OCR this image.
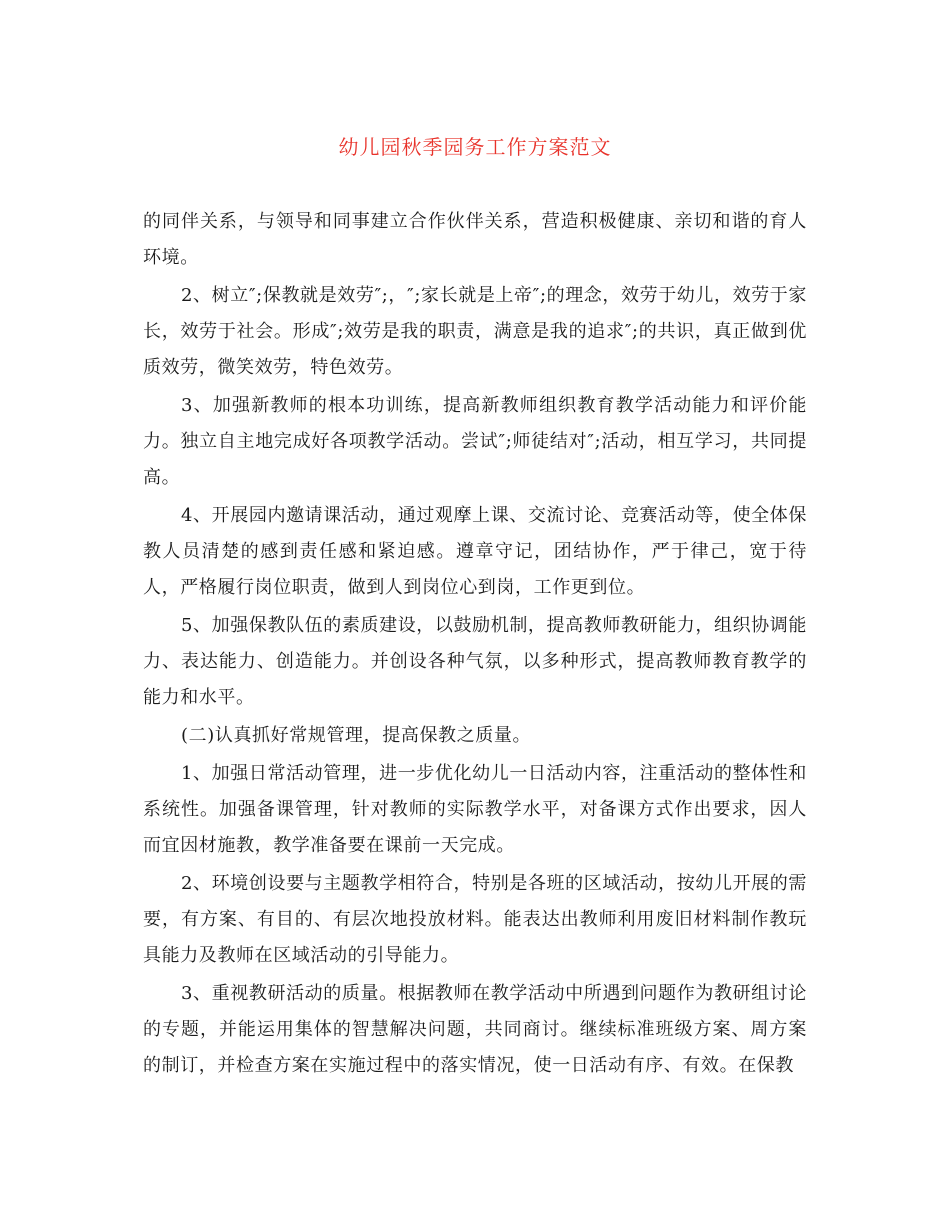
幼儿园秋季园务工作方案范文

的同伴关系，与领导和同事建立合作伙伴关系，营造积极健康、亲切和谐的育人环境。

2、树立″;保教就是效劳″;，″;家长就是上帝″;的理念，效劳于幼儿，效劳于家长，效劳于社会。形成″;效劳是我的职责，满意是我的追求″;的共识，真正做到优质效劳，微笑效劳，特色效劳。

3、加强新教师的根本功训练，提高新教师组织教育教学活动能力和评价能力。独立自主地完成好各项教学活动。尝试″;师徒结对″;活动，相互学习，共同提高。

4、开展园内邀请课活动，通过观摩上课、交流讨论、竞赛活动等，使全体保教人员清楚的感到责任感和紧迫感。遵章守记，团结协作，严于律己，宽于待人，严格履行岗位职责，做到人到岗位心到岗，工作更到位。

5、加强保教队伍的素质建设，以鼓励机制，提高教师教研能力，组织协调能力、表达能力、创造能力。并创设各种气氛，以多种形式，提高教师教育教学的能力和水平。

(二)认真抓好常规管理，提高保教之质量。

1、加强日常活动管理，进一步优化幼儿一日活动内容，注重活动的整体性和系统性。加强备课管理，针对教师的实际教学水平，对备课方式作出要求，因人而宜因材施教，教学准备要在课前一天完成。

2、环境创设要与主题教学相符合，特别是各班的区域活动，按幼儿开展的需要，有方案、有目的、有层次地投放材料。能表达出教师利用废旧材料制作教玩具能力及教师在区域活动的引导能力。

3、重视教研活动的质量。根据教师在教学活动中所遇到问题作为教研组讨论的专题，并能运用集体的智慧解决问题，共同商讨。继续标准班级方案、周方案的制订，并检查方案在实施过程中的落实情况，使一日活动有序、有效。在保教
